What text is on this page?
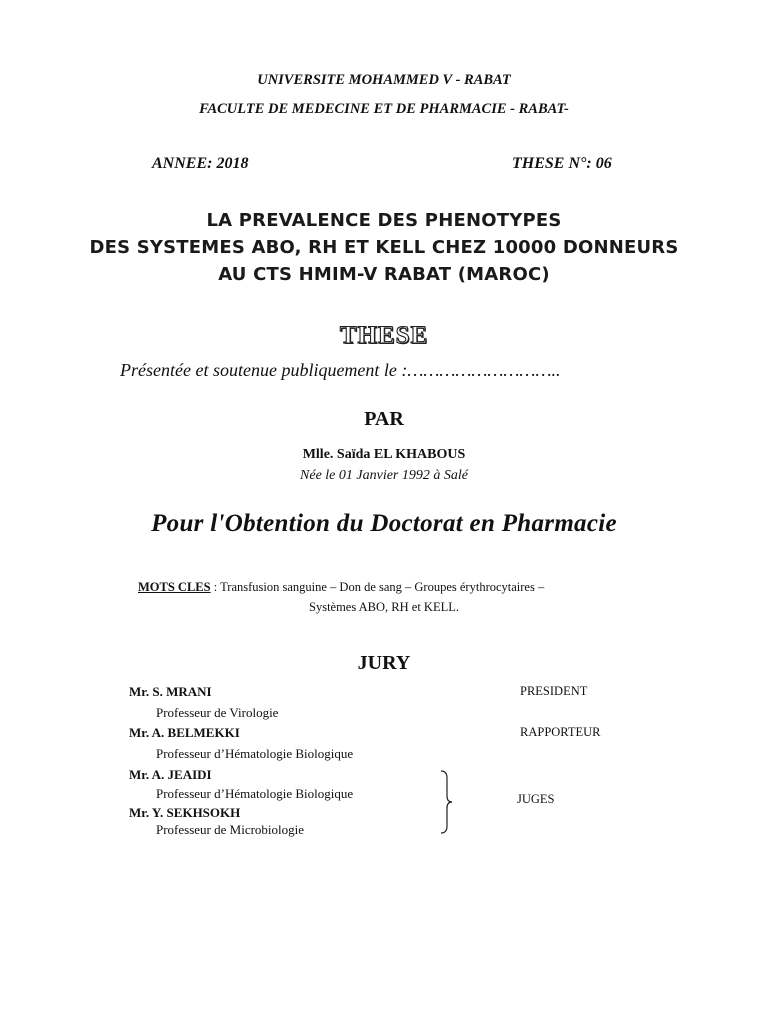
UNIVERSITE MOHAMMED V - RABAT
FACULTE DE MEDECINE ET DE PHARMACIE - RABAT-
ANNEE: 2018	THESE N°: 06
LA PREVALENCE DES PHENOTYPES
DES SYSTEMES ABO, RH ET KELL CHEZ 10000 DONNEURS
AU CTS HMIM-V RABAT (MAROC)
THESE
Présentée et soutenue publiquement le :………………………..
PAR
Mlle. Saïda EL KHABOUS
Née le 01 Janvier 1992 à Salé
Pour l'Obtention du Doctorat en Pharmacie
MOTS CLES : Transfusion sanguine – Don de sang – Groupes érythrocytaires –
Systèmes ABO, RH et KELL.
JURY
Mr. S. MRANI
Professeur de Virologie
PRESIDENT
Mr. A. BELMEKKI
Professeur d’Hématologie Biologique
RAPPORTEUR
Mr. A. JEAIDI
Professeur d’Hématologie Biologique
Mr. Y. SEKHSOKH
Professeur de Microbiologie
JUGES
